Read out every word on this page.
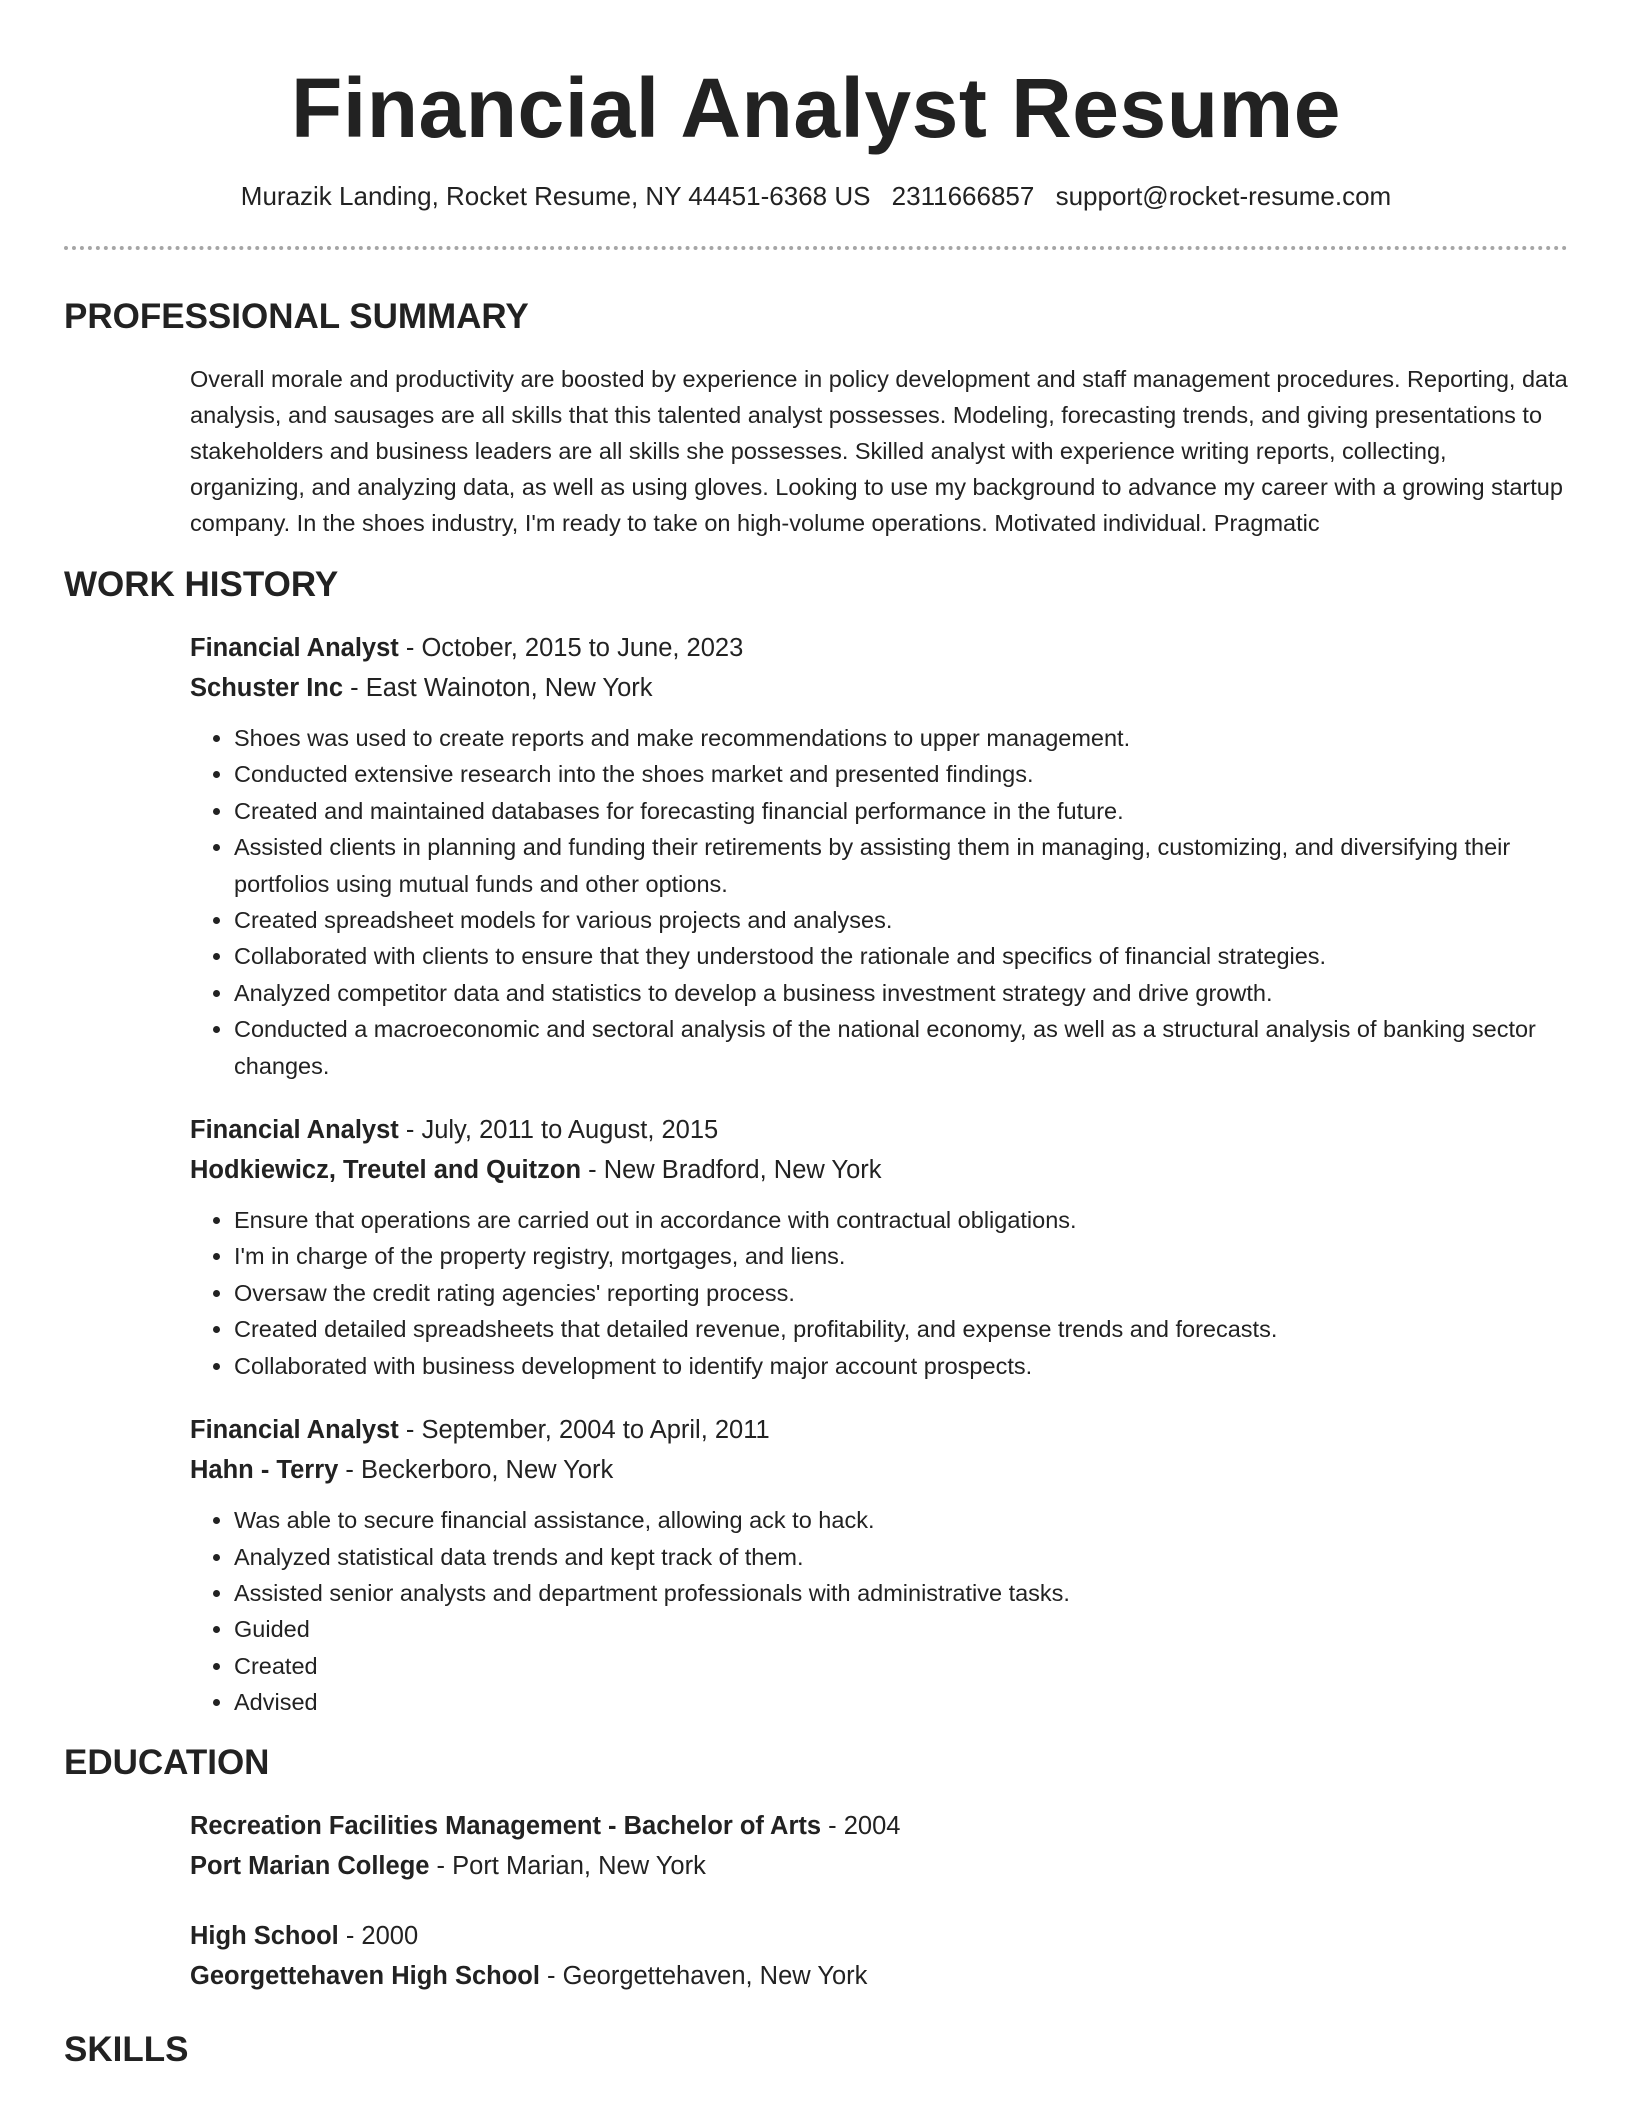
Financial Analyst Resume
Murazik Landing, Rocket Resume, NY 44451-6368 US 2311666857 support@rocket-resume.com
PROFESSIONAL SUMMARY
Overall morale and productivity are boosted by experience in policy development and staff management procedures. Reporting, data analysis, and sausages are all skills that this talented analyst possesses. Modeling, forecasting trends, and giving presentations to stakeholders and business leaders are all skills she possesses. Skilled analyst with experience writing reports, collecting, organizing, and analyzing data, as well as using gloves. Looking to use my background to advance my career with a growing startup company. In the shoes industry, I'm ready to take on high-volume operations. Motivated individual. Pragmatic
WORK HISTORY
Financial Analyst - October, 2015 to June, 2023
Schuster Inc - East Wainoton, New York
• Shoes was used to create reports and make recommendations to upper management.
• Conducted extensive research into the shoes market and presented findings.
• Created and maintained databases for forecasting financial performance in the future.
• Assisted clients in planning and funding their retirements by assisting them in managing, customizing, and diversifying their portfolios using mutual funds and other options.
• Created spreadsheet models for various projects and analyses.
• Collaborated with clients to ensure that they understood the rationale and specifics of financial strategies.
• Analyzed competitor data and statistics to develop a business investment strategy and drive growth.
• Conducted a macroeconomic and sectoral analysis of the national economy, as well as a structural analysis of banking sector changes.
Financial Analyst - July, 2011 to August, 2015
Hodkiewicz, Treutel and Quitzon - New Bradford, New York
• Ensure that operations are carried out in accordance with contractual obligations.
• I'm in charge of the property registry, mortgages, and liens.
• Oversaw the credit rating agencies' reporting process.
• Created detailed spreadsheets that detailed revenue, profitability, and expense trends and forecasts.
• Collaborated with business development to identify major account prospects.
Financial Analyst - September, 2004 to April, 2011
Hahn - Terry - Beckerboro, New York
• Was able to secure financial assistance, allowing ack to hack.
• Analyzed statistical data trends and kept track of them.
• Assisted senior analysts and department professionals with administrative tasks.
• Guided
• Created
• Advised
EDUCATION
Recreation Facilities Management - Bachelor of Arts - 2004
Port Marian College - Port Marian, New York
High School - 2000
Georgettehaven High School - Georgettehaven, New York
SKILLS
